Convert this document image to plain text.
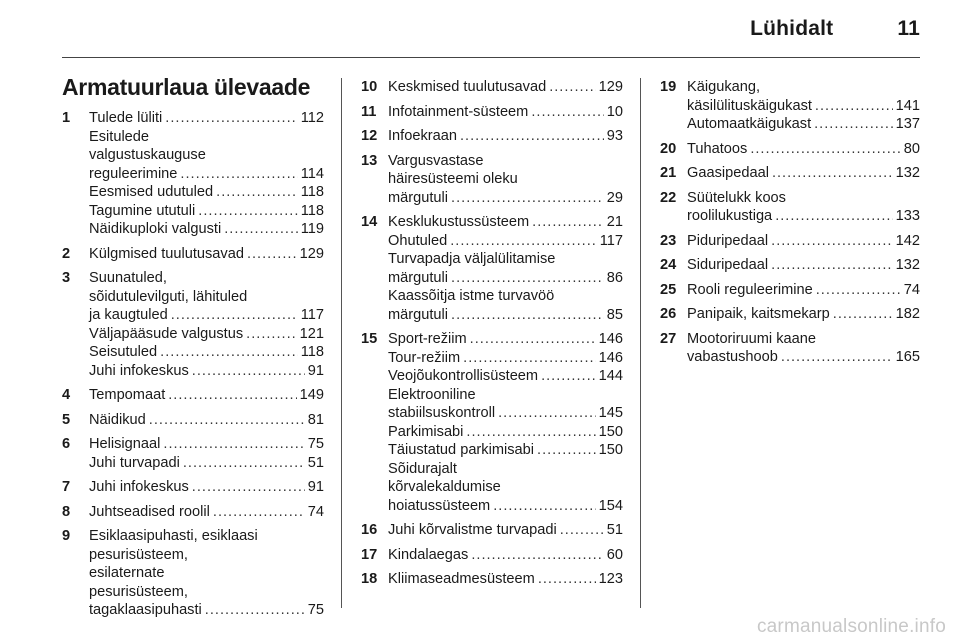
Lühidalt	11
Armatuurlaua ülevaade
1 Tulede lüliti .....	112
Esitulede
valgustuskauguse
reguleerimine .....	114
Eesmised udutuled .....	118
Tagumine ututuli .....	118
Näidikuploki valgusti .....	119
2 Külgmised tuulutusavad .....	129
3 Suunatuled,
sõidutulevilguti, lähituled
ja kaugtuled .....	117
Väljapääsude valgustus .....	121
Seisutuled .....	118
Juhi infokeskus .....	91
4 Tempomaat .....	149
5 Näidikud .....	81
6 Helisignaal .....	75
Juhi turvapadi .....	51
7 Juhi infokeskus .....	91
8 Juhtseadised roolil .....	74
9 Esiklaasipuhasti, esiklaasi
pesurisüsteem,
esilaternate
pesurisüsteem,
tagaklaasipuhasti .....	75
10 Keskmised tuulutusavad .....	129
11 Infotainment-süsteem .....	10
12 Infoekraan .....	93
13 Vargusvastase
häiresüsteemi oleku
märgutuli .....	29
14 Kesklukustussüsteem .....	21
Ohutuled .....	117
Turvapadja väljalülitamise
märgutuli .....	86
Kaassõitja istme turvavöö
märgutuli .....	85
15 Sport-režiim .....	146
Tour-režiim .....	146
Veojõukontrollisüsteem .....	144
Elektrooniline
stabiilsuskontroll .....	145
Parkimisabi .....	150
Täiustatud parkimisabi .....	150
Sõidurajalt
kõrvalekaldumise
hoiatussüsteem .....	154
16 Juhi kõrvalistme turvapadi .....	51
17 Kindalaegas .....	60
18 Kliimaseadmesüsteem .....	123
19 Käigukang,
käsilülituskäigukast .....	141
Automaatkäigukast .....	137
20 Tuhatoos .....	80
21 Gaasipedaal .....	132
22 Süütelukk koos
roolilukustiga .....	133
23 Piduripedaal .....	142
24 Siduripedaal .....	132
25 Rooli reguleerimine .....	74
26 Panipaik, kaitsmekarp .....	182
27 Mootoriruumi kaane
vabastushoob .....	165
carmanualsonline.info
